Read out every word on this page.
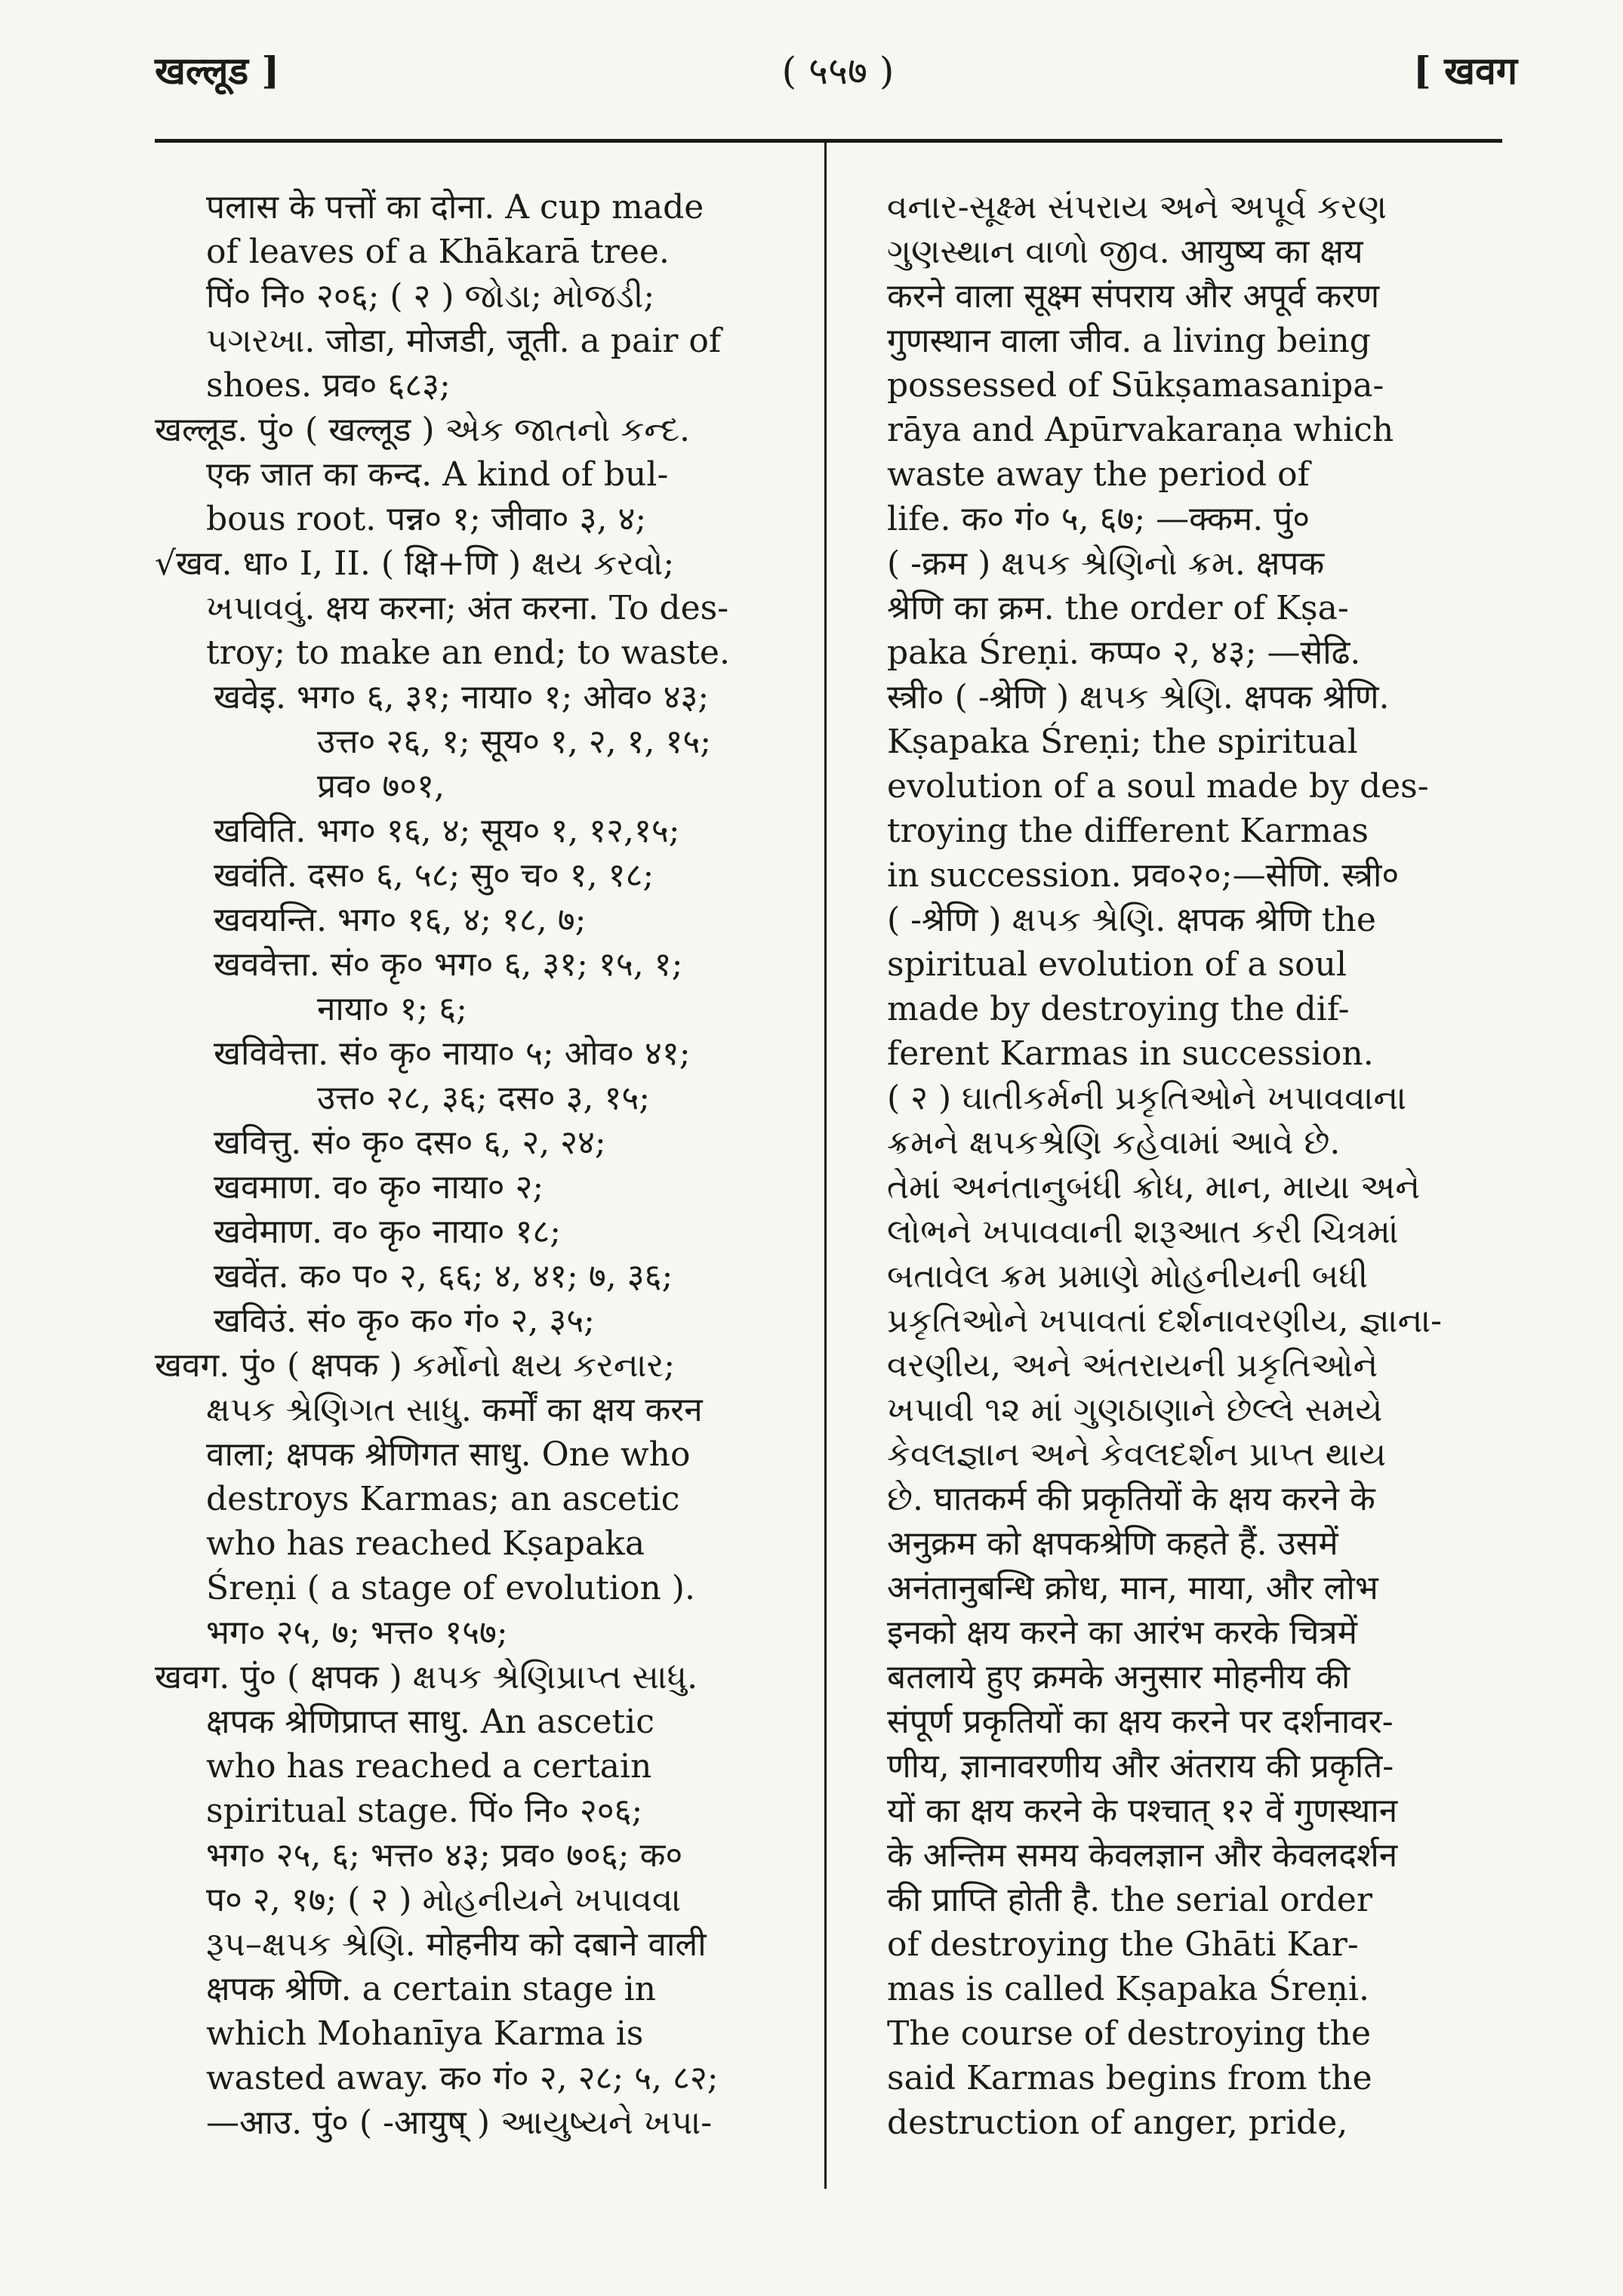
खल्लूड ]	( ५५७ )	[ खवग
पलास के पत्तों का दोना. A cup made
of leaves of a Khākarā tree.
पिं० नि० २०६; ( २ ) જોડા; મોજડી;
પગરખા. जोडा, मोजडी, जूती. a pair of
shoes. प्रव० ६८३;
खल्लूड. पुं० ( खल्लूड ) એક જાતનો કન્દ.
एक जात का कन्द. A kind of bul-
bous root. पन्न० १; जीवा० ३, ४;
√खव. धा० I, II. ( क्षि+णि ) ક્ષય કરવો;
ખપાવવું. क्षय करना; अंत करना. To des-
troy; to make an end; to waste.
खवेइ. भग० ६, ३१; नाया० १; ओव० ४३;
उत्त० २६, १; सूय० १, २, १, १५;
प्रव० ७०१,
खविति. भग० १६, ४; सूय० १, १२,१५;
खवंति. दस० ६, ५८; सु० च० १, १८;
खवयन्ति. भग० १६, ४; १८, ७;
खववेत्ता. सं० कृ० भग० ६, ३१; १५, १;
नाया० १; ६;
खविवेत्ता. सं० कृ० नाया० ५; ओव० ४१;
उत्त० २८, ३६; दस० ३, १५;
खवित्तु. सं० कृ० दस० ६, २, २४;
खवमाण. व० कृ० नाया० २;
खवेमाण. व० कृ० नाया० १८;
खवेंत. क० प० २, ६६; ४, ४१; ७, ३६;
खविउं. सं० कृ० क० गं० २, ३५;
खवग. पुं० ( क्षपक ) કર્મોનો ક્ષય કરનાર;
ક્ષપક શ્રેણિગત સાધુ. कर्मों का क्षय करन
वाला; क्षपक श्रेणिगत साधु. One who
destroys Karmas; an ascetic
who has reached Kṣapaka
Śreṇi ( a stage of evolution ).
भग० २५, ७; भत्त० १५७;
खवग. पुं० ( क्षपक ) ક્ષપક શ્રેણિપ્રાપ્ત સાધુ.
क्षपक श्रेणिप्राप्त साधु. An ascetic
who has reached a certain
spiritual stage. पिं० नि० २०६;
भग० २५, ६; भत्त० ४३; प्रव० ७०६; क०
प० २, १७; ( २ ) મોહનીયને ખપાવવા
રૂપ–ક્ષપક શ્રેણિ. मोहनीय को दबाने वाली
क्षपक श्रेणि. a certain stage in
which Mohanīya Karma is
wasted away. क० गं० २, २८; ५, ८२;
—आउ. पुं० ( -आयुष् ) આયુષ્યને ખપા-
વનાર-સૂક્ષ્મ સંપરાય અને અપૂર્વ કરણ
ગુણસ્થાન વાળો જીવ. आयुष्य का क्षय
करने वाला सूक्ष्म संपराय और अपूर्व करण
गुणस्थान वाला जीव. a living being
possessed of Sūkṣamasanipa-
rāya and Apūrvakaraṇa which
waste away the period of
life. क० गं० ५, ६७; —क्कम. पुं०
( -क्रम ) ક્ષપક શ્રેણિનો ક્રમ. क्षपक
श्रेणि का क्रम. the order of Kṣa-
paka Śreṇi. कप्प० २, ४३; —सेढि.
स्त्री० ( -श्रेणि ) ક્ષપક શ્રેણિ. क्षपक श्रेणि.
Kṣapaka Śreṇi; the spiritual
evolution of a soul made by des-
troying the different Karmas
in succession. प्रव०२०;—सेणि. स्त्री०
( -श्रेणि ) ક્ષપક શ્રેણિ. क्षपक श्रेणि the
spiritual evolution of a soul
made by destroying the dif-
ferent Karmas in succession.
( २ ) ઘાતીકર્મની પ્રકૃતિઓને ખપાવવાના
ક્રમને ક્ષપકશ્રેણિ કહેવામાં આવે છે.
તેમાં અનંતાનુબંધી ક્રોધ, માન, માયા અને
લોભને ખપાવવાની શરૂઆત કરી ચિત્રમાં
બતાવેલ ક્રમ પ્રમાણે મોહનીયની બધી
પ્રકૃતિઓને ખપાવતાં દર્શનાવરણીય, જ્ઞાના-
વરણીય, અને અંતરાયની પ્રકૃતિઓને
ખપાવી ૧૨ માં ગુણઠાણાને છેલ્લે સમયે
કેવલજ્ઞાન અને કેવલદર્શન પ્રાપ્ત થાય
છે. घातकर्म की प्रकृतियों के क्षय करने के
अनुक्रम को क्षपकश्रेणि कहते हैं. उसमें
अनंतानुबन्धि क्रोध, मान, माया, और लोभ
इनको क्षय करने का आरंभ करके चित्रमें
बतलाये हुए क्रमके अनुसार मोहनीय की
संपूर्ण प्रकृतियों का क्षय करने पर दर्शनावर-
णीय, ज्ञानावरणीय और अंतराय की प्रकृति-
यों का क्षय करने के पश्चात् १२ वें गुणस्थान
के अन्तिम समय केवलज्ञान और केवलदर्शन
की प्राप्ति होती है. the serial order
of destroying the Ghāti Kar-
mas is called Kṣapaka Śreṇi.
The course of destroying the
said Karmas begins from the
destruction of anger, pride,
